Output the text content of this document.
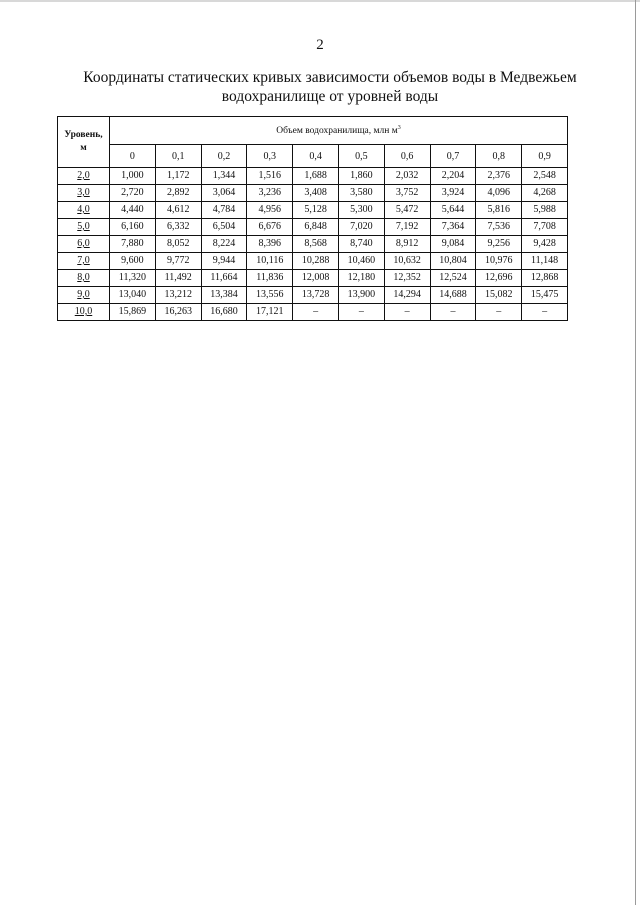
2
Координаты статических кривых зависимости объемов воды в Медвежьем водохранилище от уровней воды
Уровень,
м	Объем водохранилища, млн $м^3$
	0	0,1	0,2	0,3	0,4	0,5	0,6	0,7	0,8	0,9
2,0	1,000	1,172	1,344	1,516	1,688	1,860	2,032	2,204	2,376	2,548
3,0	2,720	2,892	3,064	3,236	3,408	3,580	3,752	3,924	4,096	4,268
4,0	4,440	4,612	4,784	4,956	5,128	5,300	5,472	5,644	5,816	5,988
5,0	6,160	6,332	6,504	6,676	6,848	7,020	7,192	7,364	7,536	7,708
6,0	7,880	8,052	8,224	8,396	8,568	8,740	8,912	9,084	9,256	9,428
7,0	9,600	9,772	9,944	10,116	10,288	10,460	10,632	10,804	10,976	11,148
8,0	11,320	11,492	11,664	11,836	12,008	12,180	12,352	12,524	12,696	12,868
9,0	13,040	13,212	13,384	13,556	13,728	13,900	14,294	14,688	15,082	15,475
10,0	15,869	16,263	16,680	17,121	–	–	–	–	–	–
